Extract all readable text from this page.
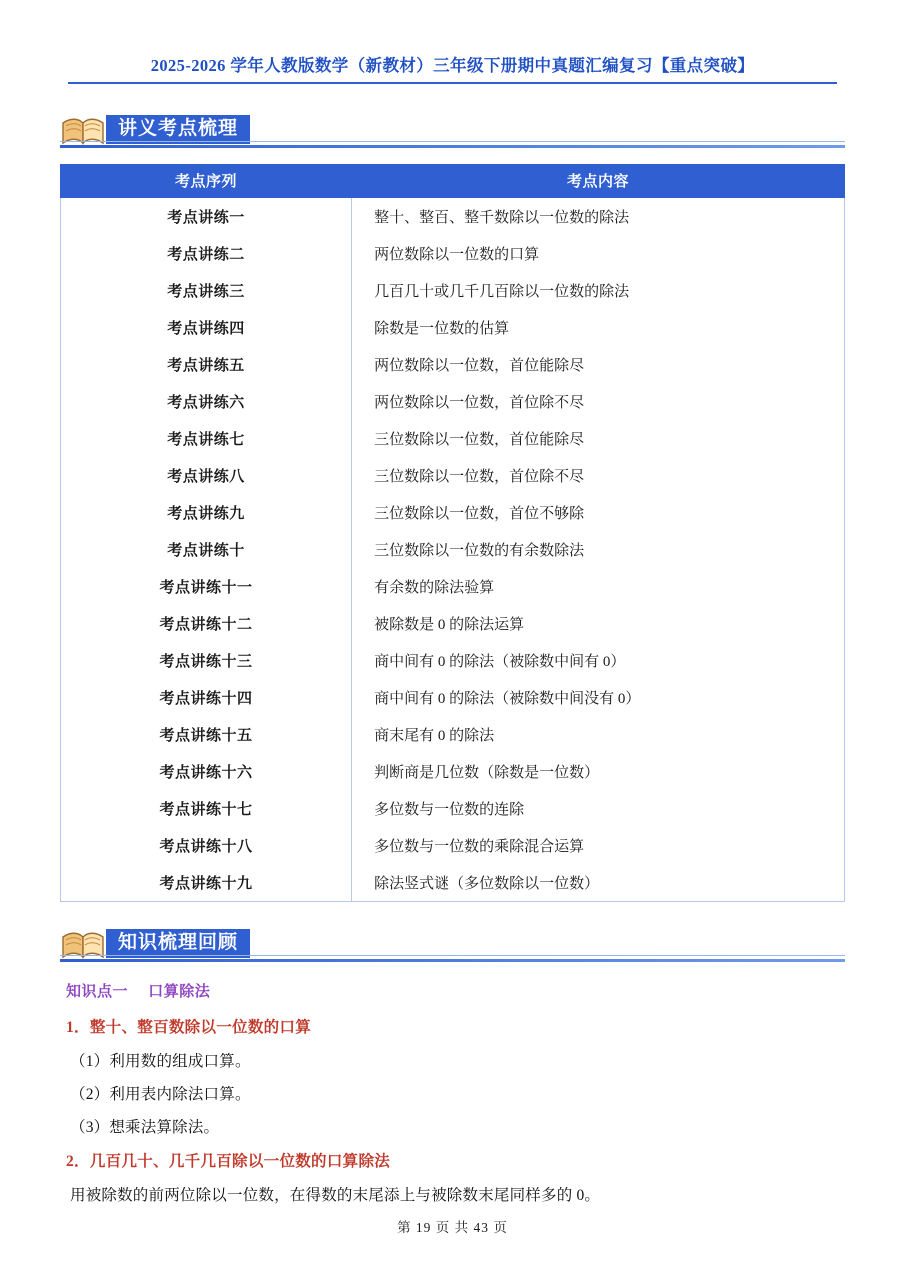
2025-2026 学年人教版数学（新教材）三年级下册期中真题汇编复习【重点突破】
讲义考点梳理
考点序列	考点内容
考点讲练一	整十、整百、整千数除以一位数的除法
考点讲练二	两位数除以一位数的口算
考点讲练三	几百几十或几千几百除以一位数的除法
考点讲练四	除数是一位数的估算
考点讲练五	两位数除以一位数，首位能除尽
考点讲练六	两位数除以一位数，首位除不尽
考点讲练七	三位数除以一位数，首位能除尽
考点讲练八	三位数除以一位数，首位除不尽
考点讲练九	三位数除以一位数，首位不够除
考点讲练十	三位数除以一位数的有余数除法
考点讲练十一	有余数的除法验算
考点讲练十二	被除数是 0 的除法运算
考点讲练十三	商中间有 0 的除法（被除数中间有 0）
考点讲练十四	商中间有 0 的除法（被除数中间没有 0）
考点讲练十五	商末尾有 0 的除法
考点讲练十六	判断商是几位数（除数是一位数）
考点讲练十七	多位数与一位数的连除
考点讲练十八	多位数与一位数的乘除混合运算
考点讲练十九	除法竖式谜（多位数除以一位数）
知识梳理回顾
知识点一 口算除法
1．整十、整百数除以一位数的口算
（1）利用数的组成口算。
（2）利用表内除法口算。
（3）想乘法算除法。
2．几百几十、几千几百除以一位数的口算除法
用被除数的前两位除以一位数，在得数的末尾添上与被除数末尾同样多的 0。
第 19 页 共 43 页
